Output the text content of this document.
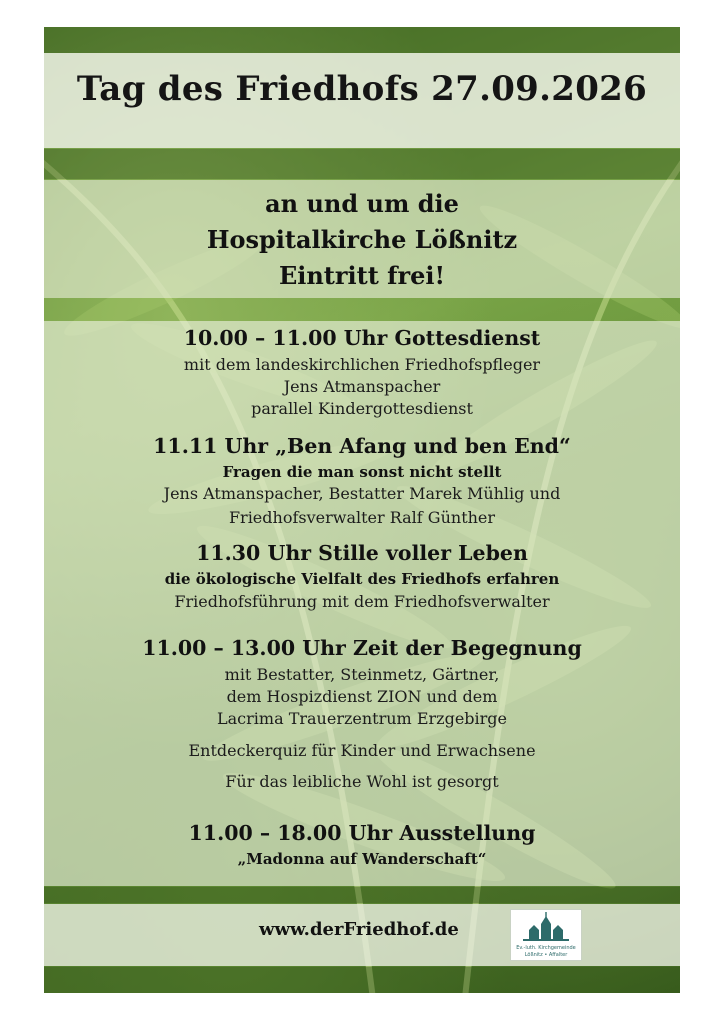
Tag des Friedhofs 27.09.2026
an und um die
Hospitalkirche Lößnitz
Eintritt frei!
10.00 – 11.00 Uhr Gottesdienst
mit dem landeskirchlichen Friedhofspfleger
Jens Atmanspacher
parallel Kindergottesdienst
11.11 Uhr „Ben Afang und ben End“
Fragen die man sonst nicht stellt
Jens Atmanspacher, Bestatter Marek Mühlig und
Friedhofsverwalter Ralf Günther
11.30 Uhr Stille voller Leben
die ökologische Vielfalt des Friedhofs erfahren
Friedhofsführung mit dem Friedhofsverwalter
11.00 – 13.00 Uhr Zeit der Begegnung
mit Bestatter, Steinmetz, Gärtner,
dem Hospizdienst ZION und dem
Lacrima Trauerzentrum Erzgebirge
Entdeckerquiz für Kinder und Erwachsene
Für das leibliche Wohl ist gesorgt
11.00 – 18.00 Uhr Ausstellung
„Madonna auf Wanderschaft“
www.derFriedhof.de
Ev.-luth. Kirchgemeinde
Lößnitz • Affalter
